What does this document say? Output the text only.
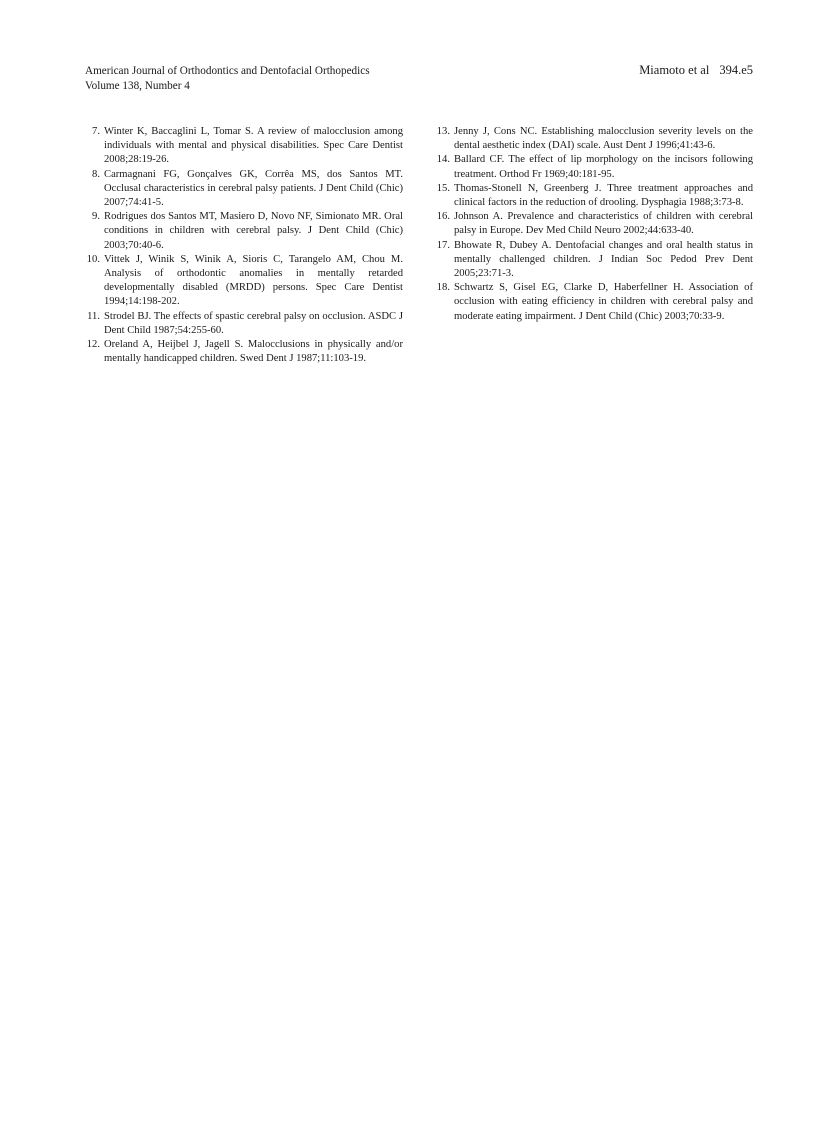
American Journal of Orthodontics and Dentofacial Orthopedics
Volume 138, Number 4
Miamoto et al 394.e5
7. Winter K, Baccaglini L, Tomar S. A review of malocclusion among individuals with mental and physical disabilities. Spec Care Dentist 2008;28:19-26.
8. Carmagnani FG, Gonçalves GK, Corrêa MS, dos Santos MT. Occlusal characteristics in cerebral palsy patients. J Dent Child (Chic) 2007;74:41-5.
9. Rodrigues dos Santos MT, Masiero D, Novo NF, Simionato MR. Oral conditions in children with cerebral palsy. J Dent Child (Chic) 2003;70:40-6.
10. Vittek J, Winik S, Winik A, Sioris C, Tarangelo AM, Chou M. Analysis of orthodontic anomalies in mentally retarded developmentally disabled (MRDD) persons. Spec Care Dentist 1994;14:198-202.
11. Strodel BJ. The effects of spastic cerebral palsy on occlusion. ASDC J Dent Child 1987;54:255-60.
12. Oreland A, Heijbel J, Jagell S. Malocclusions in physically and/or mentally handicapped children. Swed Dent J 1987;11:103-19.
13. Jenny J, Cons NC. Establishing malocclusion severity levels on the dental aesthetic index (DAI) scale. Aust Dent J 1996;41:43-6.
14. Ballard CF. The effect of lip morphology on the incisors following treatment. Orthod Fr 1969;40:181-95.
15. Thomas-Stonell N, Greenberg J. Three treatment approaches and clinical factors in the reduction of drooling. Dysphagia 1988;3:73-8.
16. Johnson A. Prevalence and characteristics of children with cerebral palsy in Europe. Dev Med Child Neuro 2002;44:633-40.
17. Bhowate R, Dubey A. Dentofacial changes and oral health status in mentally challenged children. J Indian Soc Pedod Prev Dent 2005;23:71-3.
18. Schwartz S, Gisel EG, Clarke D, Haberfellner H. Association of occlusion with eating efficiency in children with cerebral palsy and moderate eating impairment. J Dent Child (Chic) 2003;70:33-9.
